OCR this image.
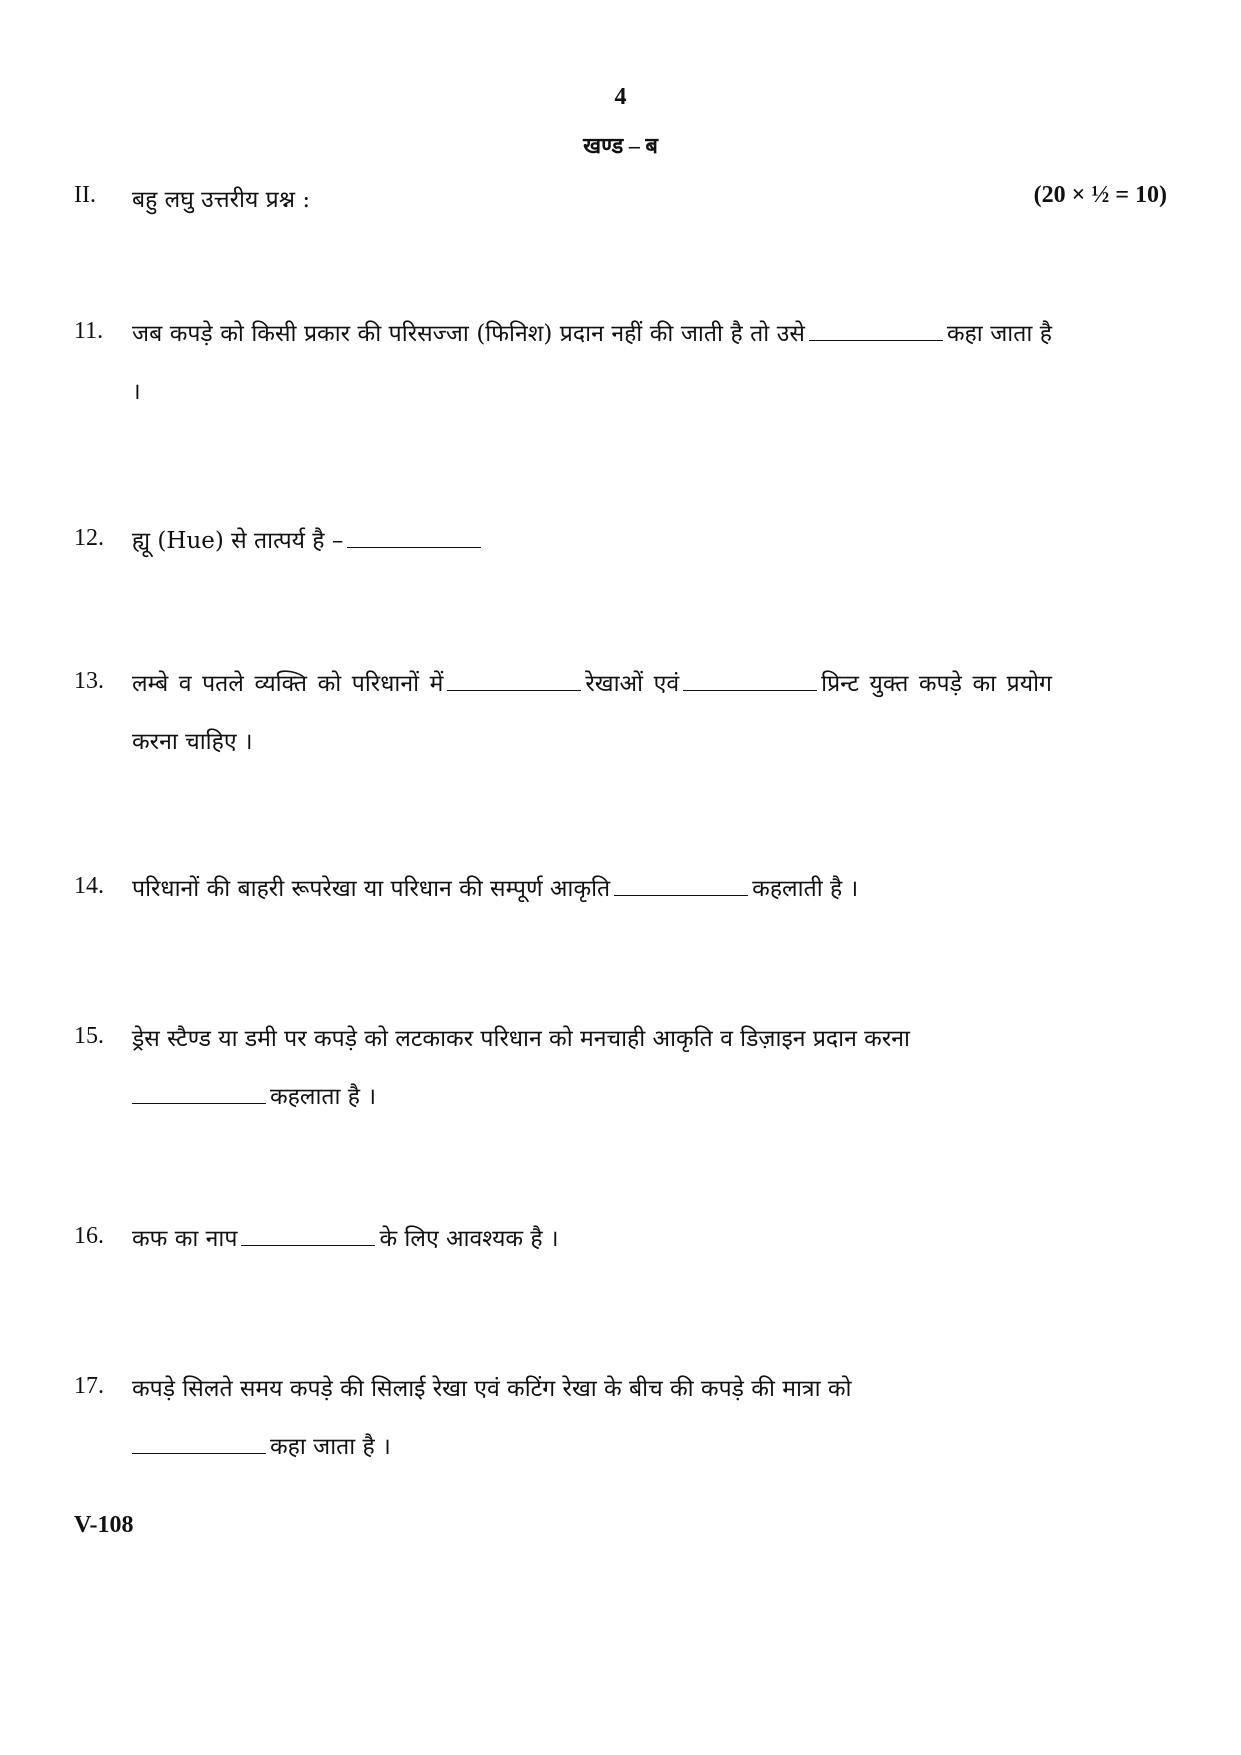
4
खण्ड – ब
II. बहु लघु उत्तरीय प्रश्न :	(20 × ½ = 10)
11. जब कपड़े को किसी प्रकार की परिसज्जा (फिनिश) प्रदान नहीं की जाती है तो उसे	कहा जाता है ।
12. ह्यू (Hue) से तात्पर्य है –
13. लम्बे व पतले व्यक्ति को परिधानों में	रेखाओं एवं	प्रिन्ट युक्त कपड़े का प्रयोग करना चाहिए ।
14. परिधानों की बाहरी रूपरेखा या परिधान की सम्पूर्ण आकृति	कहलाती है ।
15. ड्रेस स्टैण्ड या डमी पर कपड़े को लटकाकर परिधान को मनचाही आकृति व डिज़ाइन प्रदान करना
कहलाता है ।
16. कफ का नाप	के लिए आवश्यक है ।
17. कपड़े सिलते समय कपड़े की सिलाई रेखा एवं कटिंग रेखा के बीच की कपड़े की मात्रा को
कहा जाता है ।
V-108
